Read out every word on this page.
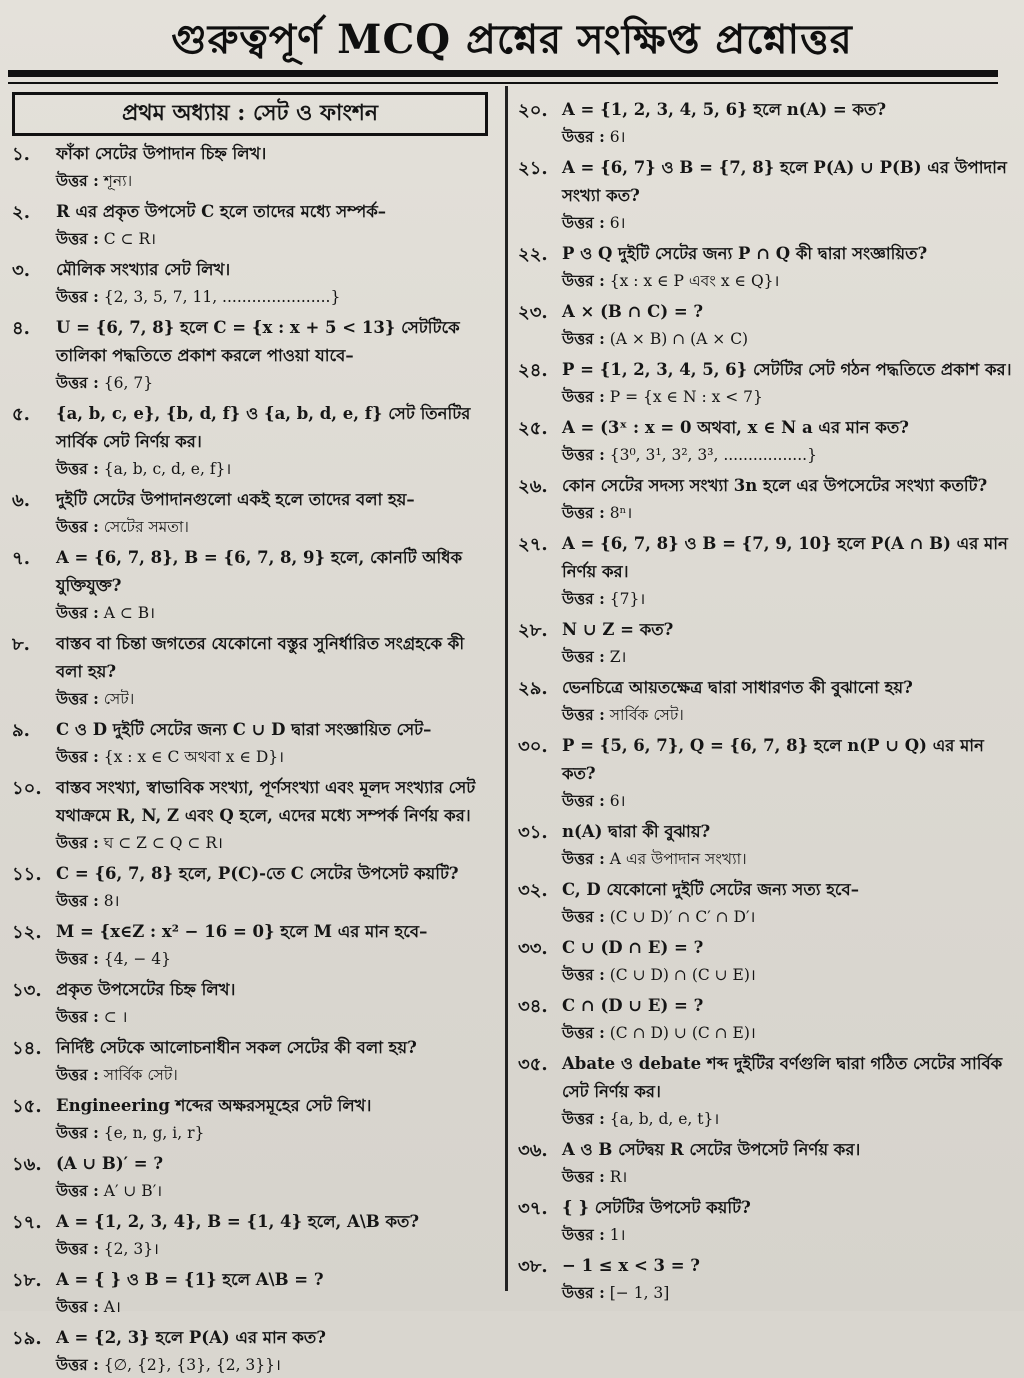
গুরুত্বপূর্ণ MCQ প্রশ্নের সংক্ষিপ্ত প্রশ্নোত্তর
প্রথম অধ্যায় : সেট ও ফাংশন
১. ফাঁকা সেটের উপাদান চিহ্ন লিখ।
উত্তর : শূন্য।
২. R এর প্রকৃত উপসেট C হলে তাদের মধ্যে সম্পর্ক–
উত্তর : C ⊂ R।
৩. মৌলিক সংখ্যার সেট লিখ।
উত্তর : {2, 3, 5, 7, 11, ......................}
৪. U = {6, 7, 8} হলে C = {x : x + 5 < 13} সেটটিকে তালিকা পদ্ধতিতে প্রকাশ করলে পাওয়া যাবে–
উত্তর : {6, 7}
৫. {a, b, c, e}, {b, d, f} ও {a, b, d, e, f} সেট তিনটির সার্বিক সেট নির্ণয় কর।
উত্তর : {a, b, c, d, e, f}।
৬. দুইটি সেটের উপাদানগুলো একই হলে তাদের বলা হয়–
উত্তর : সেটের সমতা।
৭. A = {6, 7, 8}, B = {6, 7, 8, 9} হলে, কোনটি অধিক যুক্তিযুক্ত?
উত্তর : A ⊂ B।
৮. বাস্তব বা চিন্তা জগতের যেকোনো বস্তুর সুনির্ধারিত সংগ্রহকে কী বলা হয়?
উত্তর : সেট।
৯. C ও D দুইটি সেটের জন্য C ∪ D দ্বারা সংজ্ঞায়িত সেট–
উত্তর : {x : x ∈ C অথবা x ∈ D}।
১০. বাস্তব সংখ্যা, স্বাভাবিক সংখ্যা, পূর্ণসংখ্যা এবং মূলদ সংখ্যার সেট যথাক্রমে R, N, Z এবং Q হলে, এদের মধ্যে সম্পর্ক নির্ণয় কর।
উত্তর : ঘ ⊂ Z ⊂ Q ⊂ R।
১১. C = {6, 7, 8} হলে, P(C)-তে C সেটের উপসেট কয়টি?
উত্তর : 8।
১২. M = {x∈Z : x² − 16 = 0} হলে M এর মান হবে–
উত্তর : {4, − 4}
১৩. প্রকৃত উপসেটের চিহ্ন লিখ।
উত্তর : ⊂ ।
১৪. নির্দিষ্ট সেটকে আলোচনাধীন সকল সেটের কী বলা হয়?
উত্তর : সার্বিক সেট।
১৫. Engineering শব্দের অক্ষরসমূহের সেট লিখ।
উত্তর : {e, n, g, i, r}
১৬. (A ∪ B)′ = ?
উত্তর : A′ ∪ B′।
১৭. A = {1, 2, 3, 4}, B = {1, 4} হলে, A\B কত?
উত্তর : {2, 3}।
১৮. A = { } ও B = {1} হলে A\B = ?
উত্তর : A।
১৯. A = {2, 3} হলে P(A) এর মান কত?
উত্তর : {∅, {2}, {3}, {2, 3}}।
২০. A = {1, 2, 3, 4, 5, 6} হলে n(A) = কত?
উত্তর : 6।
২১. A = {6, 7} ও B = {7, 8} হলে P(A) ∪ P(B) এর উপাদান সংখ্যা কত?
উত্তর : 6।
২২. P ও Q দুইটি সেটের জন্য P ∩ Q কী দ্বারা সংজ্ঞায়িত?
উত্তর : {x : x ∈ P এবং x ∈ Q}।
২৩. A × (B ∩ C) = ?
উত্তর : (A × B) ∩ (A × C)
২৪. P = {1, 2, 3, 4, 5, 6} সেটটির সেট গঠন পদ্ধতিতে প্রকাশ কর।
উত্তর : P = {x ∈ N : x < 7}
২৫. A = (3ˣ : x = 0 অথবা, x ∈ N a এর মান কত?
উত্তর : {3⁰, 3¹, 3², 3³, .................}
২৬. কোন সেটের সদস্য সংখ্যা 3n হলে এর উপসেটের সংখ্যা কতটি?
উত্তর : 8ⁿ।
২৭. A = {6, 7, 8} ও B = {7, 9, 10} হলে P(A ∩ B) এর মান নির্ণয় কর।
উত্তর : {7}।
২৮. N ∪ Z = কত?
উত্তর : Z।
২৯. ভেনচিত্রে আয়তক্ষেত্র দ্বারা সাধারণত কী বুঝানো হয়?
উত্তর : সার্বিক সেট।
৩০. P = {5, 6, 7}, Q = {6, 7, 8} হলে n(P ∪ Q) এর মান কত?
উত্তর : 6।
৩১. n(A) দ্বারা কী বুঝায়?
উত্তর : A এর উপাদান সংখ্যা।
৩২. C, D যেকোনো দুইটি সেটের জন্য সত্য হবে–
উত্তর : (C ∪ D)′ ∩ C′ ∩ D′।
৩৩. C ∪ (D ∩ E) = ?
উত্তর : (C ∪ D) ∩ (C ∪ E)।
৩৪. C ∩ (D ∪ E) = ?
উত্তর : (C ∩ D) ∪ (C ∩ E)।
৩৫. Abate ও debate শব্দ দুইটির বর্ণগুলি দ্বারা গঠিত সেটের সার্বিক সেট নির্ণয় কর।
উত্তর : {a, b, d, e, t}।
৩৬. A ও B সেটদ্বয় R সেটের উপসেট নির্ণয় কর।
উত্তর : R।
৩৭. { } সেটটির উপসেট কয়টি?
উত্তর : 1।
৩৮. − 1 ≤ x < 3 = ?
উত্তর : [− 1, 3]
